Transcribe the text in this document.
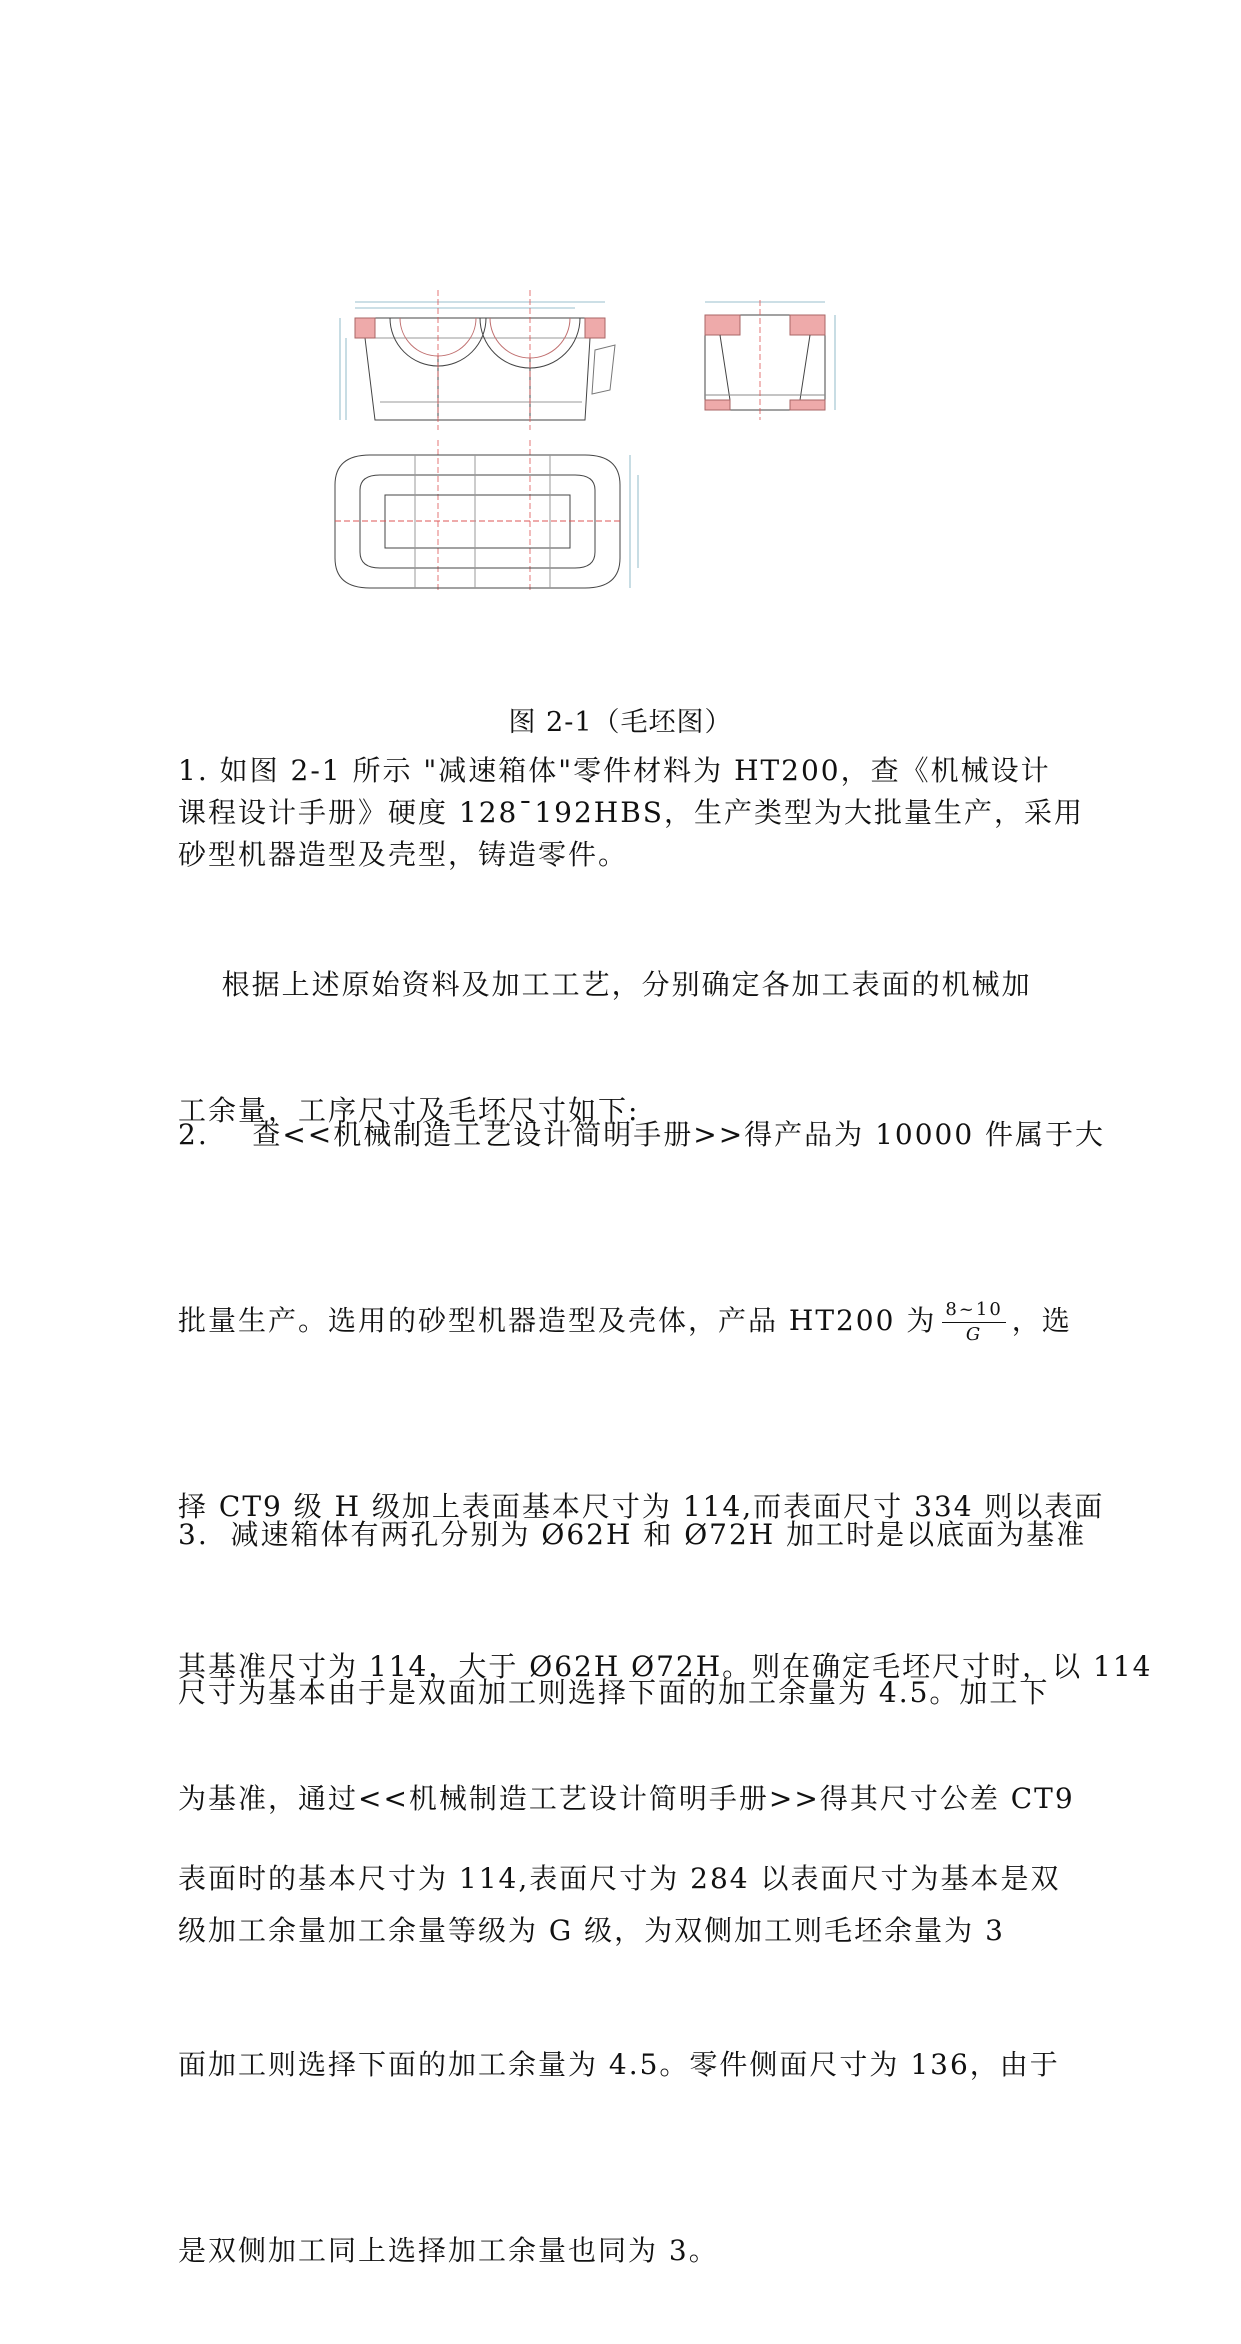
图 2-1（毛坯图）

1. 如图 2-1 所示 "减速箱体"零件材料为 HT200，查《机械设计

课程设计手册》硬度 128¯192HBS，生产类型为大批量生产，采用

砂型机器造型及壳型，铸造零件。

根据上述原始资料及加工工艺，分别确定各加工表面的机械加

工余量，工序尺寸及毛坯尺寸如下:

2.    查<<机械制造工艺设计简明手册>>得产品为 10000 件属于大

批量生产。选用的砂型机器造型及壳体，产品 HT200 为 $\frac{8\sim 10}{G}$ ，选

择 CT9 级 H 级加上表面基本尺寸为 114,而表面尺寸 334 则以表面

尺寸为基本由于是双面加工则选择下面的加工余量为 4.5。加工下

表面时的基本尺寸为 114,表面尺寸为 284 以表面尺寸为基本是双

面加工则选择下面的加工余量为 4.5。零件侧面尺寸为 136，由于

是双侧加工同上选择加工余量也同为 3。

3.  减速箱体有两孔分别为 Ø62H 和 Ø72H 加工时是以底面为基准

其基准尺寸为 114，大于 Ø62H Ø72H。则在确定毛坯尺寸时，以 114

为基准，通过<<机械制造工艺设计简明手册>>得其尺寸公差 CT9

级加工余量加工余量等级为 G 级，为双侧加工则毛坯余量为 3
